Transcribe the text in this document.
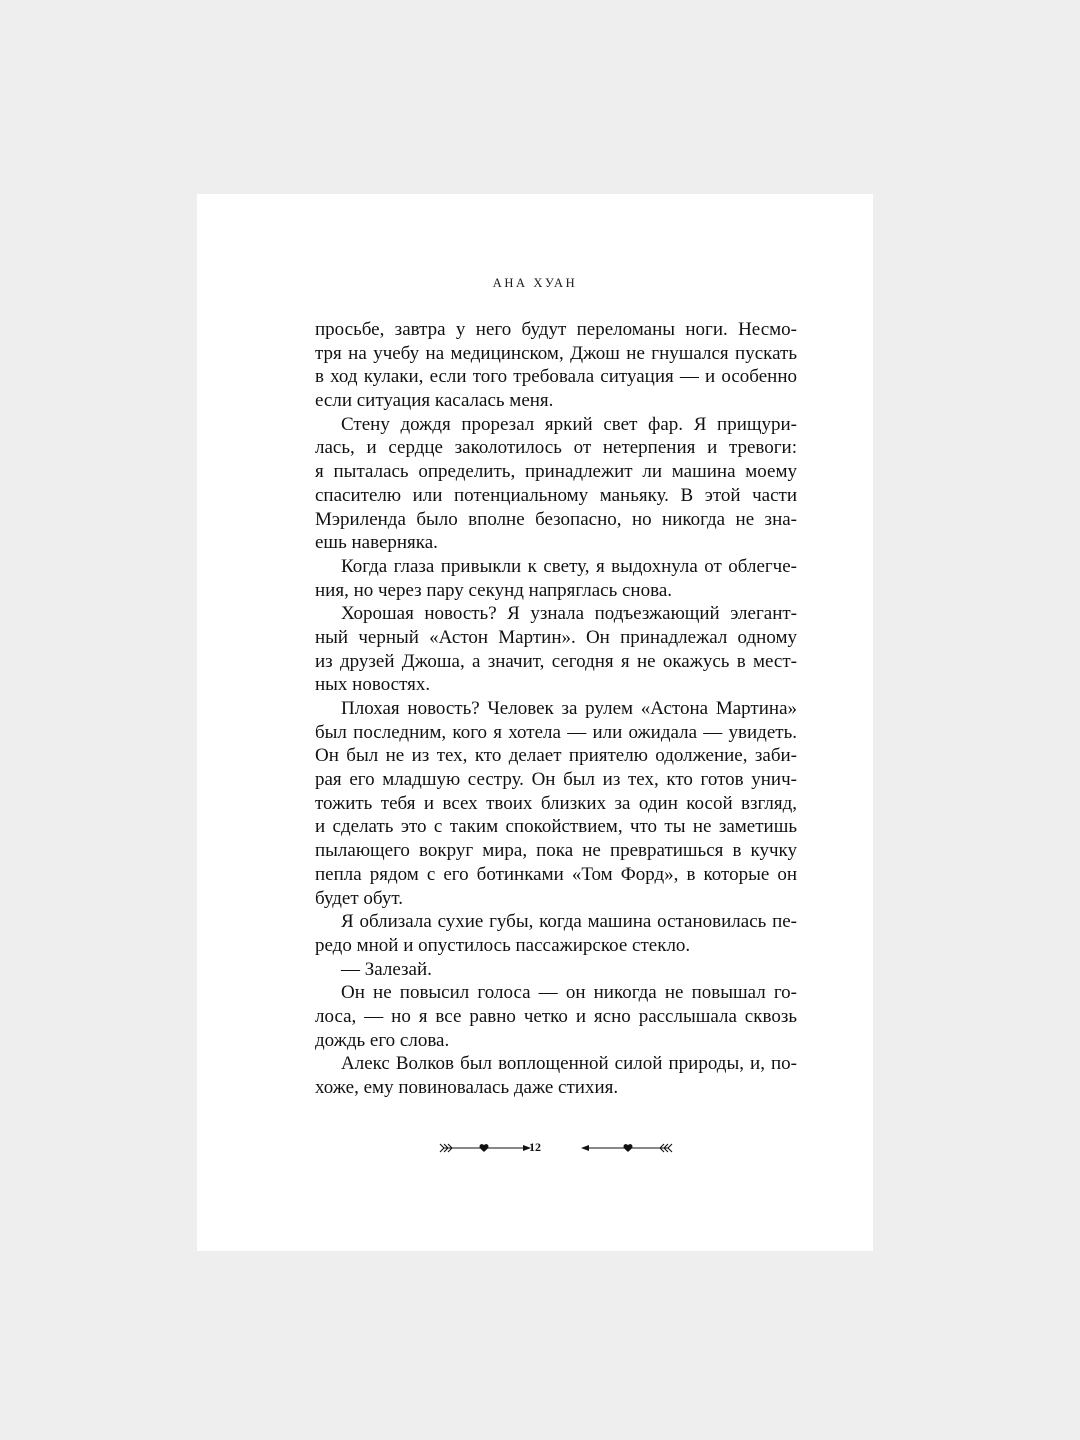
АНА ХУАН
просьбе, завтра у него будут переломаны ноги. Несмо-
тря на учебу на медицинском, Джош не гнушался пускать
в ход кулаки, если того требовала ситуация — и особенно
если ситуация касалась меня.
Стену дождя прорезал яркий свет фар. Я прищури-
лась, и сердце заколотилось от нетерпения и тревоги:
я пыталась определить, принадлежит ли машина моему
спасителю или потенциальному маньяку. В этой части
Мэриленда было вполне безопасно, но никогда не зна-
ешь наверняка.
Когда глаза привыкли к свету, я выдохнула от облегче-
ния, но через пару секунд напряглась снова.
Хорошая новость? Я узнала подъезжающий элегант-
ный черный «Астон Мартин». Он принадлежал одному
из друзей Джоша, а значит, сегодня я не окажусь в мест-
ных новостях.
Плохая новость? Человек за рулем «Астона Мартина»
был последним, кого я хотела — или ожидала — увидеть.
Он был не из тех, кто делает приятелю одолжение, заби-
рая его младшую сестру. Он был из тех, кто готов унич-
тожить тебя и всех твоих близких за один косой взгляд,
и сделать это с таким спокойствием, что ты не заметишь
пылающего вокруг мира, пока не превратишься в кучку
пепла рядом с его ботинками «Том Форд», в которые он
будет обут.
Я облизала сухие губы, когда машина остановилась пе-
редо мной и опустилось пассажирское стекло.
— Залезай.
Он не повысил голоса — он никогда не повышал го-
лоса, — но я все равно четко и ясно расслышала сквозь
дождь его слова.
Алекс Волков был воплощенной силой природы, и, по-
хоже, ему повиновалась даже стихия.
12
